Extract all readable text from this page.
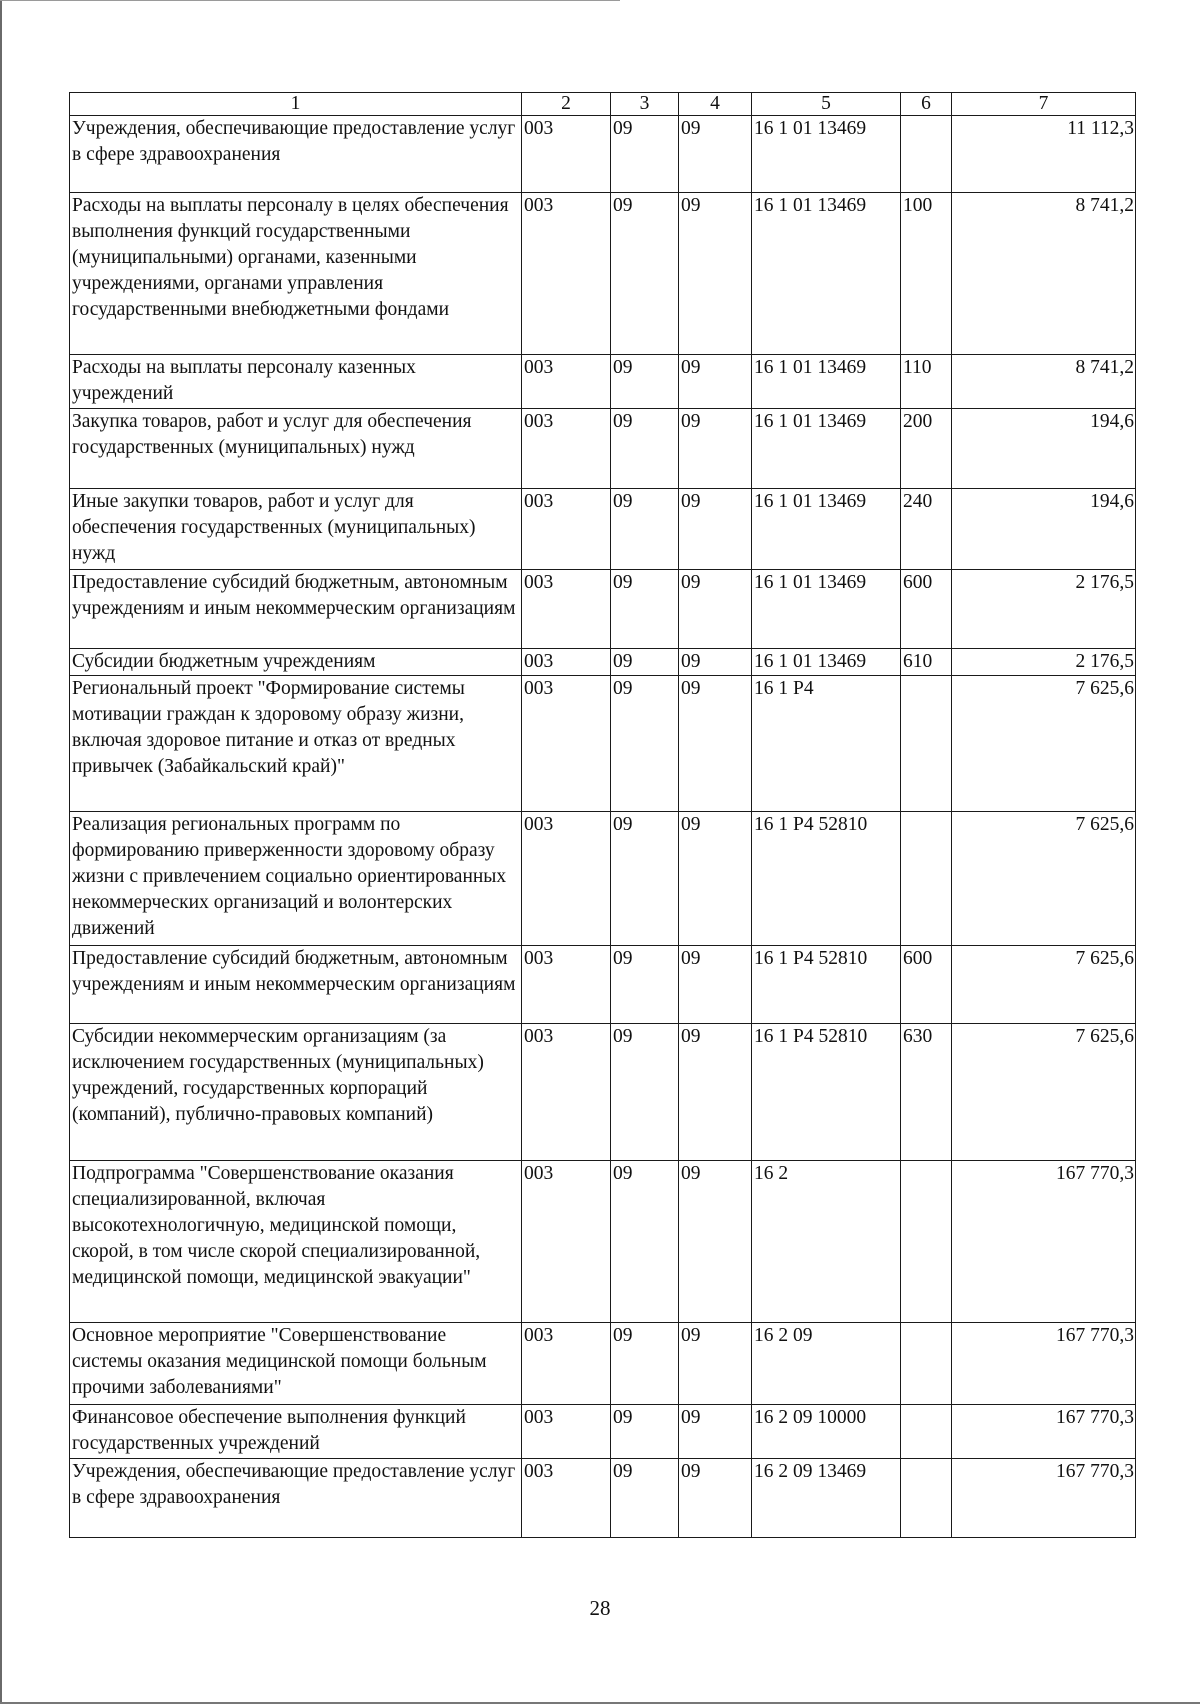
1	2	3	4	5	6	7
Учреждения, обеспечивающие предоставление услуг в сфере здравоохранения	003	09	09	16 1 01 13469		11 112,3
Расходы на выплаты персоналу в целях обеспечения выполнения функций государственными (муниципальными) органами, казенными учреждениями, органами управления государственными внебюджетными фондами	003	09	09	16 1 01 13469	100	8 741,2
Расходы на выплаты персоналу казенных учреждений	003	09	09	16 1 01 13469	110	8 741,2
Закупка товаров, работ и услуг для обеспечения государственных (муниципальных) нужд	003	09	09	16 1 01 13469	200	194,6
Иные закупки товаров, работ и услуг для обеспечения государственных (муниципальных) нужд	003	09	09	16 1 01 13469	240	194,6
Предоставление субсидий бюджетным, автономным учреждениям и иным некоммерческим организациям	003	09	09	16 1 01 13469	600	2 176,5
Субсидии бюджетным учреждениям	003	09	09	16 1 01 13469	610	2 176,5
Региональный проект "Формирование системы мотивации граждан к здоровому образу жизни, включая здоровое питание и отказ от вредных привычек (Забайкальский край)"	003	09	09	16 1 P4		7 625,6
Реализация региональных программ по формированию приверженности здоровому образу жизни с привлечением социально ориентированных некоммерческих организаций и волонтерских движений	003	09	09	16 1 P4 52810		7 625,6
Предоставление субсидий бюджетным, автономным учреждениям и иным некоммерческим организациям	003	09	09	16 1 P4 52810	600	7 625,6
Субсидии некоммерческим организациям (за исключением государственных (муниципальных) учреждений, государственных корпораций (компаний), публично-правовых компаний)	003	09	09	16 1 P4 52810	630	7 625,6
Подпрограмма "Совершенствование оказания специализированной, включая высокотехнологичную, медицинской помощи, скорой, в том числе скорой специализированной, медицинской помощи, медицинской эвакуации"	003	09	09	16 2		167 770,3
Основное мероприятие "Совершенствование системы оказания медицинской помощи больным прочими заболеваниями"	003	09	09	16 2 09		167 770,3
Финансовое обеспечение выполнения функций государственных учреждений	003	09	09	16 2 09 10000		167 770,3
Учреждения, обеспечивающие предоставление услуг в сфере здравоохранения	003	09	09	16 2 09 13469		167 770,3
28
